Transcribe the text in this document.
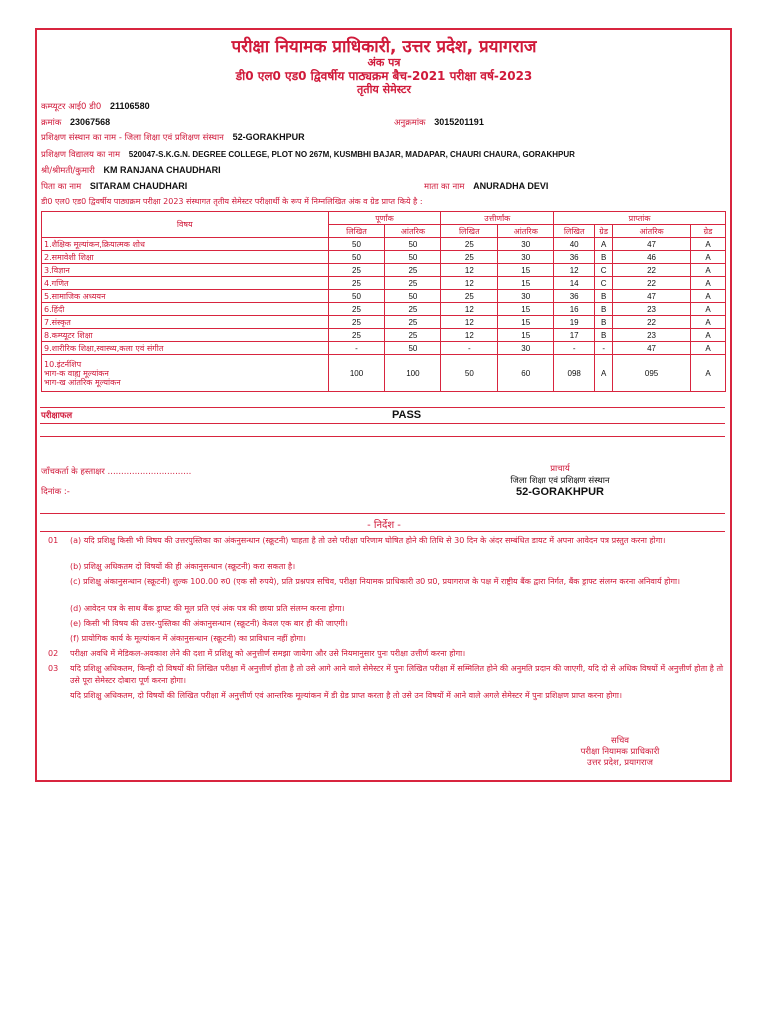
परीक्षा नियामक प्राधिकारी, उत्तर प्रदेश, प्रयागराज
अंक पत्र
डी0 एल0 एड0 द्विवर्षीय पाठ्यक्रम बैच-2021 परीक्षा वर्ष-2023
तृतीय सेमेस्टर
कम्प्यूटर आई0 डी0 21106580
क्रमांक 23067568	अनुक्रमांक 3015201191
प्रशिक्षण संस्थान का नाम - जिला शिक्षा एवं प्रशिक्षण संस्थान 52-GORAKHPUR
प्रशिक्षण विद्यालय का नाम 520047-S.K.G.N. DEGREE COLLEGE, PLOT NO 267M, KUSMBHI BAJAR, MADAPAR, CHAURI CHAURA, GORAKHPUR
श्री/श्रीमती/कुमारी KM RANJANA CHAUDHARI
पिता का नाम SITARAM CHAUDHARI	माता का नाम ANURADHA DEVI
डी0 एल0 एड0 द्विवर्षीय पाठ्यक्रम परीक्षा 2023 संस्थागत तृतीय सेमेस्टर परीक्षार्थी के रूप में निम्नलिखित अंक व ग्रेड प्राप्त किये है :
विषय	पूर्णांक		उत्तीर्णांक		प्राप्तांक			
	लिखित	आंतरिक	लिखित	आंतरिक	लिखित	ग्रेड	आंतरिक	ग्रेड
1.शैक्षिक मूल्यांकन,क्रियात्मक शोध	50	50	25	30	40	A	47	A
2.समावेशी शिक्षा	50	50	25	30	36	B	46	A
3.विज्ञान	25	25	12	15	12	C	22	A
4.गणित	25	25	12	15	14	C	22	A
5.सामाजिक अध्ययन	50	50	25	30	36	B	47	A
6.हिंदी	25	25	12	15	16	B	23	A
7.संस्कृत	25	25	12	15	19	B	22	A
8.कम्प्यूटर शिक्षा	25	25	12	15	17	B	23	A
9.शारीरिक शिक्षा,स्वास्थ्य,कला एवं संगीत	-	50	-	30	-	-	47	A

10.इंटर्नशिप
भाग-क वाह्य मूल्यांकन
भाग-ख आंतरिक मूल्यांकन	100	100	50	60	098	A	095	A
परीक्षाफल	PASS
जाँचकर्ता के हस्ताक्षर ...............................
दिनांक :-
प्राचार्य
जिला शिक्षा एवं प्रशिक्षण संस्थान
52-GORAKHPUR
- निर्देश -
01	(a) यदि प्रशिक्षु किसी भी विषय की उत्तरपुस्तिका का अंकनुसन्धान (स्क्रूटनी) चाहता है तो उसे परीक्षा परिणाम घोषित होने की तिथि से 30 दिन के अंदर सम्बंधित डायट में अपना आवेदन पत्र प्रस्तुत करना होगा।
(b) प्रशिक्षु अधिकतम दो विषयों की ही अंकानुसन्धान (स्क्रूटनी) करा सकता है।
(c) प्रशिक्षु अंकानुसन्धान (स्क्रूटनी) शुल्क 100.00 रु0 (एक सौ रुपये), प्रति प्रश्नपत्र सचिव, परीक्षा नियामक प्राधिकारी उ0 प्र0, प्रयागराज के पक्ष में राष्ट्रीय बैंक द्वारा निर्गत, बैंक ड्राफ्ट संलग्न करना अनिवार्य होगा।
(d) आवेदन पत्र के साथ बैंक ड्राफ्ट की मूल प्रति एवं अंक पत्र की छाया प्रति संलग्न करना होगा।
(e) किसी भी विषय की उत्तर-पुस्तिका की अंकानुसन्धान (स्क्रूटनी) केवल एक बार ही की जाएगी।
(f) प्रायोगिक कार्य के मूल्यांकन में अंकानुसन्धान (स्क्रूटनी) का प्राविधान नहीं होगा।
02	परीक्षा अवधि में मेडिकल-अवकाश लेने की दशा में प्रशिक्षु को अनुत्तीर्ण समझा जायेगा और उसे नियमानुसार पुनः परीक्षा उत्तीर्ण करना होगा।
03	यदि प्रशिक्षु अधिकतम, किन्ही दो विषयों की लिखित परीक्षा में अनुत्तीर्ण होता है तो उसे आगे आने वाले सेमेस्टर में पुनः लिखित परीक्षा में सम्मिलित होने की अनुमति प्रदान की जाएगी, यदि दो से अधिक विषयों में अनुत्तीर्ण होता है तो उसे पूरा सेमेस्टर दोबारा पूर्ण करना होगा।
यदि प्रशिक्षु अधिकतम, दो विषयों की लिखित परीक्षा में अनुत्तीर्ण एवं आन्तरिक मूल्यांकन में डी ग्रेड प्राप्त करता है तो उसे उन विषयों में आने वाले अगले सेमेस्टर में पुनः प्रशिक्षण प्राप्त करना होगा।
सचिव
परीक्षा नियामक प्राधिकारी
उत्तर प्रदेश, प्रयागराज
